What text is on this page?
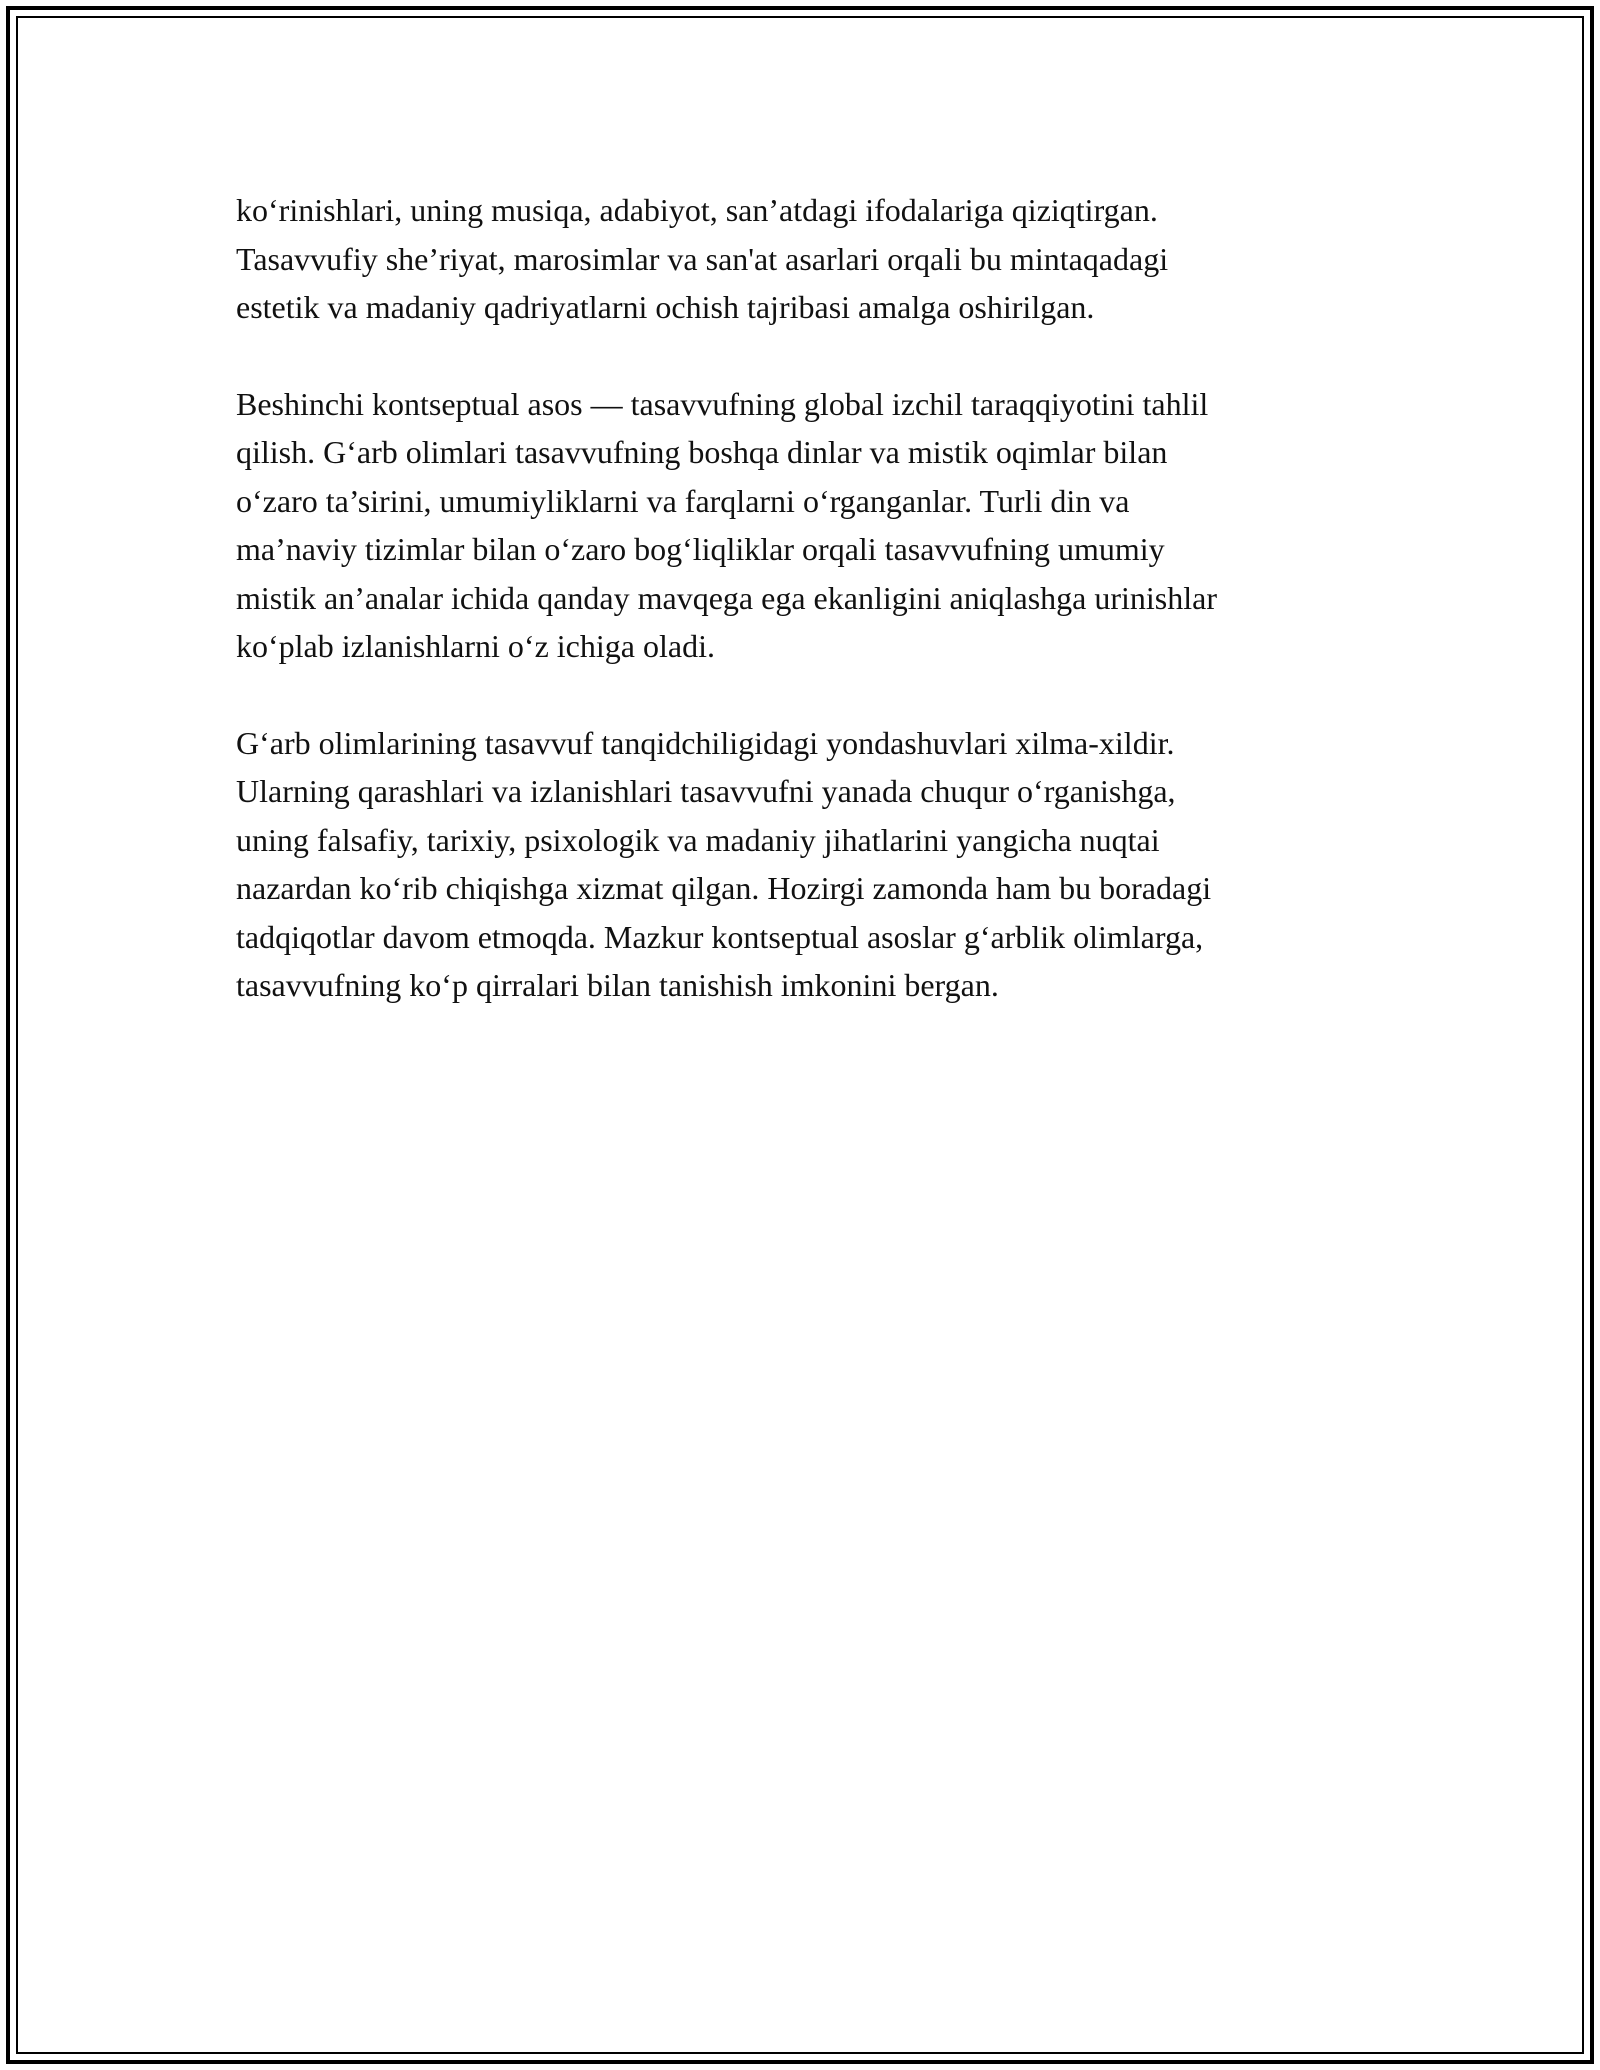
ko‘rinishlari, uning musiqa, adabiyot, san’atdagi ifodalariga qiziqtirgan.
Tasavvufiy she’riyat, marosimlar va san'at asarlari orqali bu mintaqadagi
estetik va madaniy qadriyatlarni ochish tajribasi amalga oshirilgan.

Beshinchi kontseptual asos — tasavvufning global izchil taraqqiyotini tahlil
qilish. G‘arb olimlari tasavvufning boshqa dinlar va mistik oqimlar bilan
o‘zaro ta’sirini, umumiyliklarni va farqlarni o‘rganganlar. Turli din va
ma’naviy tizimlar bilan o‘zaro bog‘liqliklar orqali tasavvufning umumiy
mistik an’analar ichida qanday mavqega ega ekanligini aniqlashga urinishlar
ko‘plab izlanishlarni o‘z ichiga oladi.

G‘arb olimlarining tasavvuf tanqidchiligidagi yondashuvlari xilma-xildir.
Ularning qarashlari va izlanishlari tasavvufni yanada chuqur o‘rganishga,
uning falsafiy, tarixiy, psixologik va madaniy jihatlarini yangicha nuqtai
nazardan ko‘rib chiqishga xizmat qilgan. Hozirgi zamonda ham bu boradagi
tadqiqotlar davom etmoqda. Mazkur kontseptual asoslar g‘arblik olimlarga,
tasavvufning ko‘p qirralari bilan tanishish imkonini bergan.
